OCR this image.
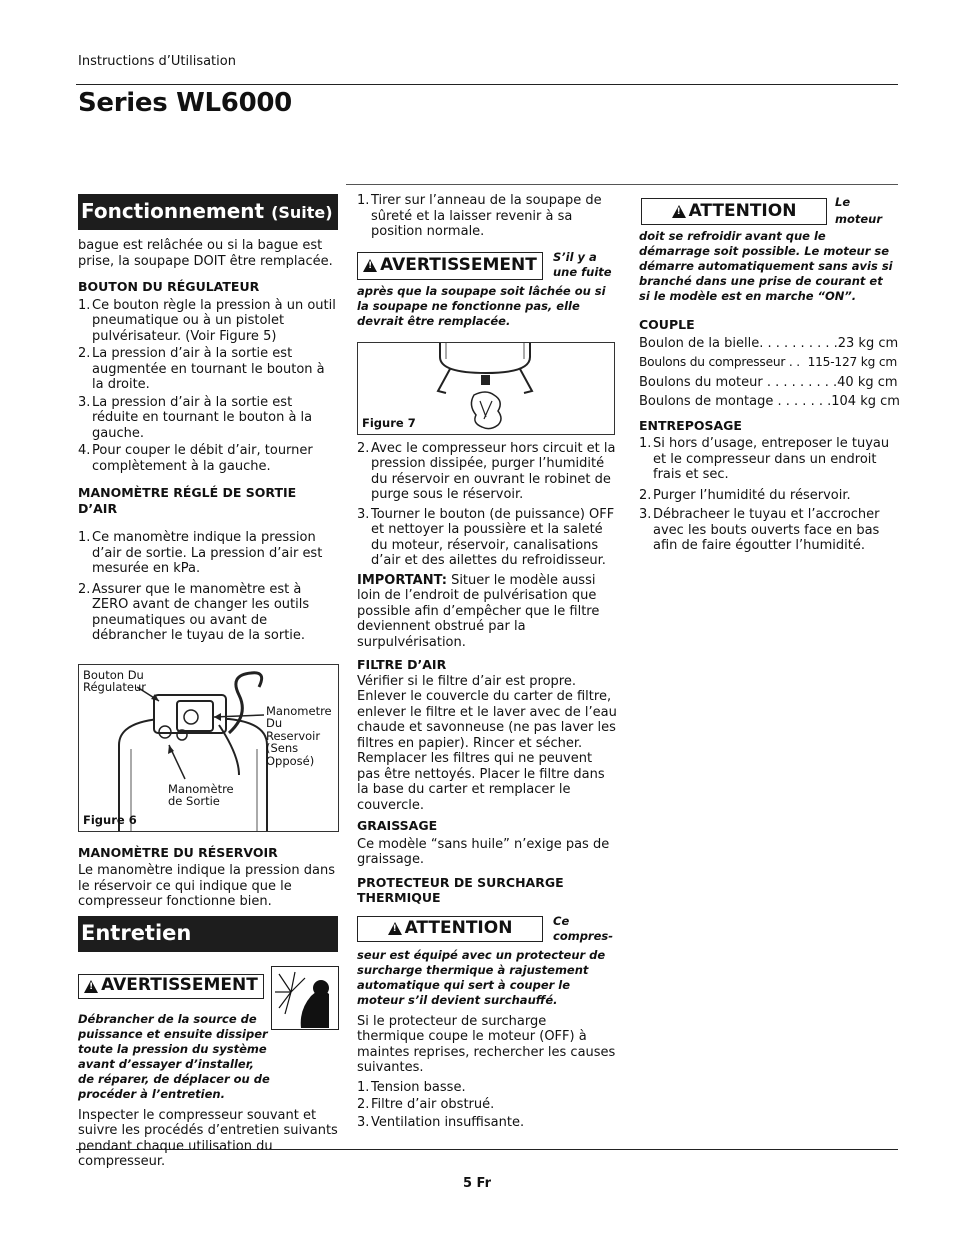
Instructions d’Utilisation
Series WL6000
Fonctionnement (Suite)

bague est relâchée ou si la bague est prise, la soupape DOIT être remplacée.

BOUTON DU RÉGULATEUR
1. Ce bouton règle la pression à un outil pneumatique ou à un pistolet pulvérisateur. (Voir Figure 5)
2. La pression d’air à la sortie est augmentée en tournant le bouton à la droite.
3. La pression d’air à la sortie est réduite en tournant le bouton à la gauche.
4. Pour couper le débit d’air, tourner complètement à la gauche.
MANOMÈTRE RÉGLÉ DE SORTIE D’AIR
1. Ce manomètre indique la pression d’air de sortie. La pression d’air est mesurée en kPa.
2. Assurer que le manomètre est à ZERO avant de changer les outils pneumatiques ou avant de débrancher le tuyau de la sortie.
Bouton Du Régulateur
Manometre Du Reservoir (Sens Opposé)
Manomètre de Sortie
Figure 6
MANOMÈTRE DU RÉSERVOIR

Le manomètre indique la pression dans le réservoir ce qui indique que le compresseur fonctionne bien.

Entretien
!
AVERTISSEMENT

Débrancher de la source de puissance et ensuite dissiper toute la pression du système avant d’essayer d’installer, de réparer, de déplacer ou de procéder à l’entretien.

Inspecter le compresseur souvant et suivre les procédés d’entretien suivants pendant chaque utilisation du compresseur.

1. Tirer sur l’anneau de la soupape de sûreté et la laisser revenir à sa position normale.
!
AVERTISSEMENT S’il y a une fuite

après que la soupape soit lâchée ou si la soupape ne fonctionne pas, elle devrait être remplacée.

Figure 7
2. Avec le compresseur hors circuit et la pression dissipée, purger l’humidité du réservoir en ouvrant le robinet de purge sous le réservoir.
3. Tourner le bouton (de puissance) OFF et nettoyer la poussière et la saleté du moteur, réservoir, canalisations d’air et des ailettes du refroidisseur.

IMPORTANT: Situer le modèle aussi loin de l’endroit de pulvérisation que possible afin d’empêcher que le filtre deviennent obstrué par la surpulvérisation.

FILTRE D’AIR

Vérifier si le filtre d’air est propre. Enlever le couvercle du carter de filtre, enlever le filtre et le laver avec de l’eau chaude et savonneuse (ne pas laver les filtres en papier). Rincer et sécher. Remplacer les filtres qui ne peuvent pas être nettoyés. Placer le filtre dans la base du carter et remplacer le couvercle.

GRAISSAGE

Ce modèle “sans huile” n’exige pas de graissage.

PROTECTEUR DE SURCHARGE THERMIQUE
!
ATTENTION	Ce compres-

seur est équipé avec un protecteur de surcharge thermique à rajustement automatique qui sert à couper le moteur s’il devient surchauffé.

Si le protecteur de surcharge thermique coupe le moteur (OFF) à maintes reprises, rechercher les causes suivantes.

1. Tension basse.
2. Filtre d’air obstrué.
3. Ventilation insuffisante.
!
ATTENTION	Le moteur

doit se refroidir avant que le démarrage soit possible. Le moteur se démarre automatiquement sans avis si branché dans une prise de courant et si le modèle est en marche “ON”.

COUPLE
Boulon de la bielle. . . . . . . . . . 23 kg cm
Boulons du compresseur . . 115-127 kg cm
Boulons du moteur . . . . . . . . . 40 kg cm
Boulons de montage . . . . . . . 104 kg cm
ENTREPOSAGE
1. Si hors d’usage, entreposer le tuyau et le compresseur dans un endroit frais et sec.
2. Purger l’humidité du réservoir.
3. Débracheer le tuyau et l’accrocher avec les bouts ouverts face en bas afin de faire égoutter l’humidité.
5 Fr
